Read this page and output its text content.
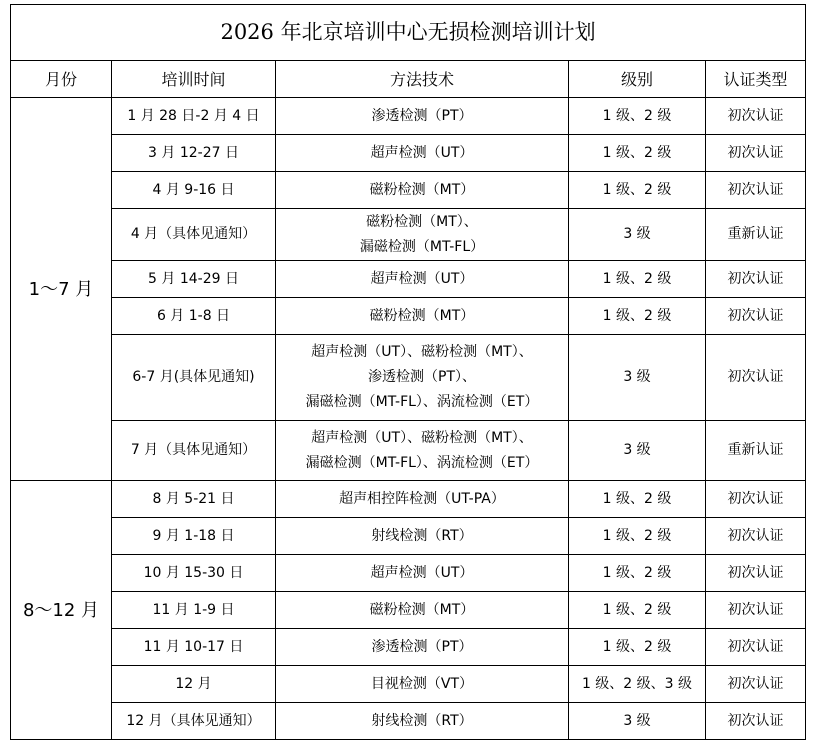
2026 年北京培训中心无损检测培训计划				
月份	培训时间	方法技术	级别	认证类型
1～7 月	1 月 28 日-2 月 4 日	渗透检测（PT）	1 级、2 级	初次认证
	3 月 12-27 日	超声检测（UT）	1 级、2 级	初次认证
	4 月 9-16 日	磁粉检测（MT）	1 级、2 级	初次认证
	4 月（具体见通知）	磁粉检测（MT）、
漏磁检测（MT-FL）	3 级	重新认证
	5 月 14-29 日	超声检测（UT）	1 级、2 级	初次认证
	6 月 1-8 日	磁粉检测（MT）	1 级、2 级	初次认证
	6-7 月(具体见通知)	超声检测（UT）、磁粉检测（MT）、
渗透检测（PT）、
漏磁检测（MT-FL）、涡流检测（ET）	3 级	初次认证
	7 月（具体见通知）	超声检测（UT）、磁粉检测（MT）、
漏磁检测（MT-FL）、涡流检测（ET）	3 级	重新认证
8～12 月	8 月 5-21 日	超声相控阵检测（UT-PA）	1 级、2 级	初次认证
	9 月 1-18 日	射线检测（RT）	1 级、2 级	初次认证
	10 月 15-30 日	超声检测（UT）	1 级、2 级	初次认证
	11 月 1-9 日	磁粉检测（MT）	1 级、2 级	初次认证
	11 月 10-17 日	渗透检测（PT）	1 级、2 级	初次认证
	12 月	目视检测（VT）	1 级、2 级、3 级	初次认证
	12 月（具体见通知）	射线检测（RT）	3 级	初次认证
